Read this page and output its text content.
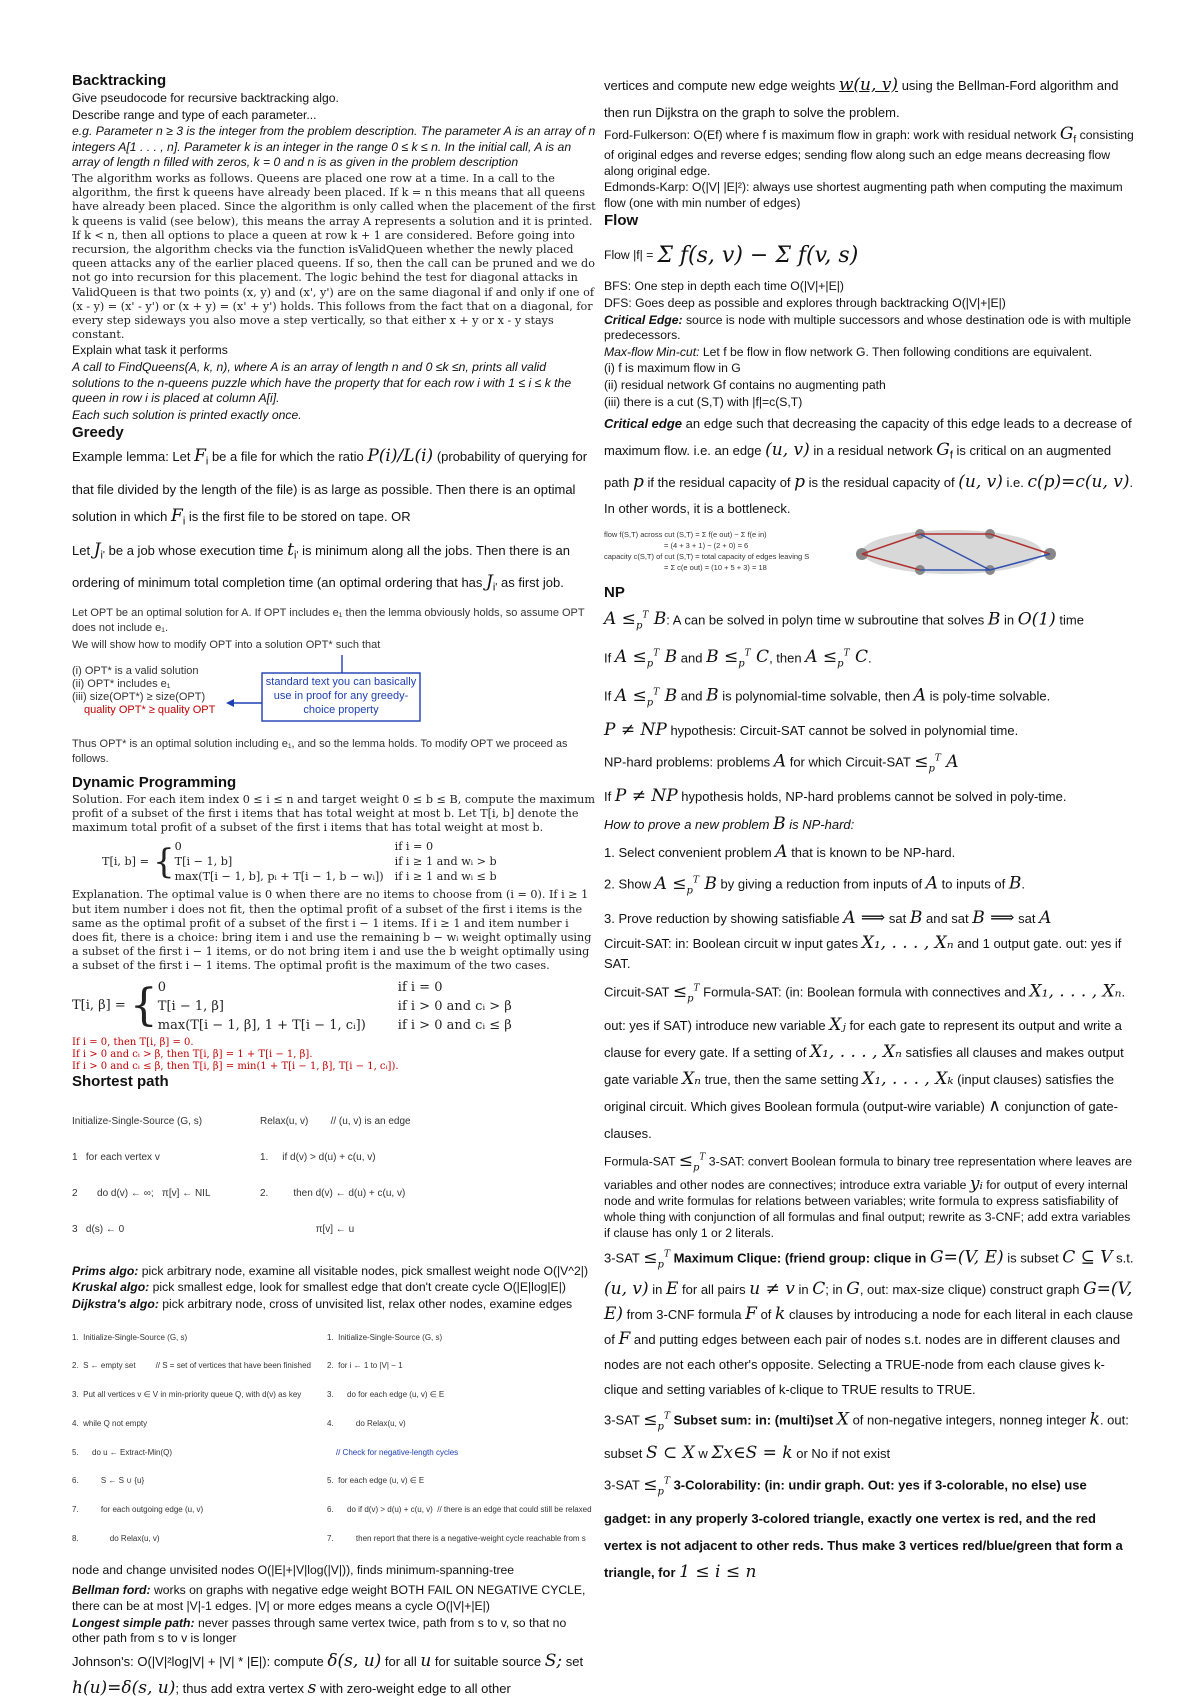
Backtracking

Give pseudocode for recursive backtracking algo.

Describe range and type of each parameter...

e.g. Parameter n ≥ 3 is the integer from the problem description. The parameter A is an array of n integers A[1 . . . , n]. Parameter k is an integer in the range 0 ≤ k ≤ n. In the initial call, A is an array of length n filled with zeros, k = 0 and n is as given in the problem description

The algorithm works as follows. Queens are placed one row at a time. In a call to the algorithm, the first k queens have already been placed. If k = n this means that all queens have already been placed. Since the algorithm is only called when the placement of the first k queens is valid (see below), this means the array A represents a solution and it is printed. If k < n, then all options to place a queen at row k + 1 are considered. Before going into recursion, the algorithm checks via the function isValidQueen whether the newly placed queen attacks any of the earlier placed queens. If so, then the call can be pruned and we do not go into recursion for this placement. The logic behind the test for diagonal attacks in ValidQueen is that two points (x, y) and (x', y') are on the same diagonal if and only if one of (x - y) = (x' - y') or (x + y) = (x' + y') holds. This follows from the fact that on a diagonal, for every step sideways you also move a step vertically, so that either x + y or x - y stays constant.

Explain what task it performs

A call to FindQueens(A, k, n), where A is an array of length n and 0 ≤k ≤n, prints all valid solutions to the n-queens puzzle which have the property that for each row i with 1 ≤ i ≤ k the queen in row i is placed at column A[i].

Each such solution is printed exactly once.

Greedy

Example lemma: Let $F_i$ be a file for which the ratio P(i)/L(i) (probability of querying for that file divided by the length of the file) is as large as possible. Then there is an optimal solution in which $F_i$ is the first file to be stored on tape. OR

Let $J_{i'}$ be a job whose execution time $t_{i'}$ is minimum along all the jobs. Then there is an ordering of minimum total completion time (an optimal ordering that has $J_{i'}$ as first job.

Let OPT be an optimal solution for A. If OPT includes e₁ then the lemma obviously holds, so assume OPT does not include e₁.

We will show how to modify OPT into a solution OPT* such that

(i) OPT* is a valid solution
(ii) OPT* includes e₁
(iii) size(OPT*) ≥ size(OPT)
quality OPT* ≥ quality OPT
standard text you can basically use in proof for any greedy-choice property

Thus OPT* is an optimal solution including e₁, and so the lemma holds. To modify OPT we proceed as follows.

Dynamic Programming

Solution. For each item index 0 ≤ i ≤ n and target weight 0 ≤ b ≤ B, compute the maximum profit of a subset of the first i items that has total weight at most b. Let T[i, b] denote the maximum total profit of a subset of the first i items that has total weight at most b.

T[i, b] = { 0	if i = 0
T[i − 1, b]	if i ≥ 1 and wᵢ > b
max(T[i − 1, b], pᵢ + T[i − 1, b − wᵢ]) if i ≥ 1 and wᵢ ≤ b

Explanation. The optimal value is 0 when there are no items to choose from (i = 0). If i ≥ 1 but item number i does not fit, then the optimal profit of a subset of the first i items is the same as the optimal profit of a subset of the first i − 1 items. If i ≥ 1 and item number i does fit, there is a choice: bring item i and use the remaining b − wᵢ weight optimally using a subset of the first i − 1 items, or do not bring item i and use the b weight optimally using a subset of the first i − 1 items. The optimal profit is the maximum of the two cases.

T[i, β] = { 0	if i = 0
T[i − 1, β]	if i > 0 and cᵢ > β
max(T[i − 1, β], 1 + T[i − 1, cᵢ]) if i > 0 and cᵢ ≤ β
If i = 0, then T[i, β] = 0.
If i > 0 and cᵢ > β, then T[i, β] = 1 + T[i − 1, β].
If i > 0 and cᵢ ≤ β, then T[i, β] = min(1 + T[i − 1, β], T[i − 1, cᵢ]).
Shortest path

Initialize-Single-Source (G, s)

1   for each vertex v

2       do d(v) ← ∞;   π[v] ← NIL

3   d(s) ← 0

Relax(u, v)        // (u, v) is an edge

1.     if d(v) > d(u) + c(u, v)

2.         then d(v) ← d(u) + c(u, v)

π[v] ← u

Prims algo: pick arbitrary node, examine all visitable nodes, pick smallest weight node O(|V^2|)

Kruskal algo: pick smallest edge, look for smallest edge that don't create cycle O(|E|log|E|)

Dijkstra's algo: pick arbitrary node, cross of unvisited list, relax other nodes, examine edges

1.  Initialize-Single-Source (G, s)

2.  S ← empty set         // S = set of vertices that have been finished

3.  Put all vertices v ∈ V in min-priority queue Q, with d(v) as key

4.  while Q not empty

5.      do u ← Extract-Min(Q)

6.          S ← S ∪ {u}

7.          for each outgoing edge (u, v)

8.              do Relax(u, v)

1.  Initialize-Single-Source (G, s)

2.  for i ← 1 to |V| − 1

3.      do for each edge (u, v) ∈ E

4.          do Relax(u, v)

// Check for negative-length cycles

5.  for each edge (u, v) ∈ E

6.      do if d(v) > d(u) + c(u, v)  // there is an edge that could still be relaxed

7.          then report that there is a negative-weight cycle reachable from s

node and change unvisited nodes O(|E|+|V|log(|V|)), finds minimum-spanning-tree

Bellman ford: works on graphs with negative edge weight BOTH FAIL ON NEGATIVE CYCLE, there can be at most |V|-1 edges. |V| or more edges means a cycle O(|V|+|E|)

Longest simple path: never passes through same vertex twice, path from s to v, so that no other path from s to v is longer

Johnson's: O(|V|²log|V| + |V| * |E|): compute δ(s, u) for all u for suitable source S; set h(u)=δ(s, u); thus add extra vertex s with zero-weight edge to all other

vertices and compute new edge weights w(u, v) using the Bellman-Ford algorithm and then run Dijkstra on the graph to solve the problem.

Ford-Fulkerson: O(Ef) where f is maximum flow in graph: work with residual network $G_f$ consisting of original edges and reverse edges; sending flow along such an edge means decreasing flow along original edge.

Edmonds-Karp: O(|V| |E|²): always use shortest augmenting path when computing the maximum flow (one with min number of edges)

Flow
Flow |f| = Σ f(s, v) − Σ f(v, s)

BFS: One step in depth each time O(|V|+|E|)

DFS: Goes deep as possible and explores through backtracking O(|V|+|E|)

Critical Edge: source is node with multiple successors and whose destination ode is with multiple predecessors.

Max-flow Min-cut: Let f be flow in flow network G. Then following conditions are equivalent.

(i) f is maximum flow in G

(ii) residual network Gf contains no augmenting path

(iii) there is a cut (S,T) with |f|=c(S,T)

Critical edge an edge such that decreasing the capacity of this edge leads to a decrease of maximum flow. i.e. an edge (u, v) in a residual network $G_f$ is critical on an augmented path p if the residual capacity of p is the residual capacity of (u, v) i.e. c(p)=c(u, v). In other words, it is a bottleneck.

flow f(S,T) across cut (S,T) = Σ f(e out) − Σ f(e in)
= (4 + 3 + 1) − (2 + 0) = 6
capacity c(S,T) of cut (S,T) = total capacity of edges leaving S
= Σ c(e out) = (10 + 5 + 3) = 18
NP

$A \le_p^T$ B: A can be solved in polyn time w subroutine that solves B in O(1) time

If $A \le_p^T$ B and $B \le_p^T$ C, then $A \le_p^T$ C.

If $A \le_p^T$ B and B is polynomial-time solvable, then A is poly-time solvable.

P ≠ NP hypothesis: Circuit-SAT cannot be solved in polynomial time.

NP-hard problems: problems A for which Circuit-SAT $\le_p^T$ A

If P ≠ NP hypothesis holds, NP-hard problems cannot be solved in poly-time.

How to prove a new problem B is NP-hard:

1. Select convenient problem A that is known to be NP-hard.

2. Show $A \le_p^T$ B by giving a reduction from inputs of A to inputs of B.

3. Prove reduction by showing satisfiable A ⟹ sat B and sat B ⟹ sat A

Circuit-SAT: in: Boolean circuit w input gates X₁, . . . , Xₙ and 1 output gate. out: yes if SAT.

Circuit-SAT $\le_p^T$ Formula-SAT: (in: Boolean formula with connectives and X₁, . . . , Xₙ. out: yes if SAT) introduce new variable Xⱼ for each gate to represent its output and write a clause for every gate. If a setting of X₁, . . . , Xₙ satisfies all clauses and makes output gate variable Xₙ true, then the same setting X₁, . . . , Xₖ (input clauses) satisfies the original circuit. Which gives Boolean formula (output-wire variable) ∧ conjunction of gate-clauses.

Formula-SAT $\le_p^T$ 3-SAT: convert Boolean formula to binary tree representation where leaves are variables and other nodes are connectives; introduce extra variable yᵢ for output of every internal node and write formulas for relations between variables; write formula to express satisfiability of whole thing with conjunction of all formulas and final output; rewrite as 3-CNF; add extra variables if clause has only 1 or 2 literals.

$3-SAT \le_p^T$ Maximum Clique: (friend group: clique in G=(V, E) is subset C ⊆ V s.t. (u, v) in E for all pairs u ≠ v in C; in G, out: max-size clique) construct graph G=(V, E) from 3-CNF formula F of k clauses by introducing a node for each literal in each clause of F and putting edges between each pair of nodes s.t. nodes are in different clauses and nodes are not each other's opposite. Selecting a TRUE-node from each clause gives k-clique and setting variables of k-clique to TRUE results to TRUE.

$3-SAT \le_p^T$ Subset sum: in: (multi)set X of non-negative integers, nonneg integer k. out: subset S ⊂ X w Σx∈S = k or No if not exist

$3-SAT \le_p^T$ 3-Colorability: (in: undir graph. Out: yes if 3-colorable, no else) use gadget: in any properly 3-colored triangle, exactly one vertex is red, and the red vertex is not adjacent to other reds. Thus make 3 vertices red/blue/green that form a triangle, for 1 ≤ i ≤ n
